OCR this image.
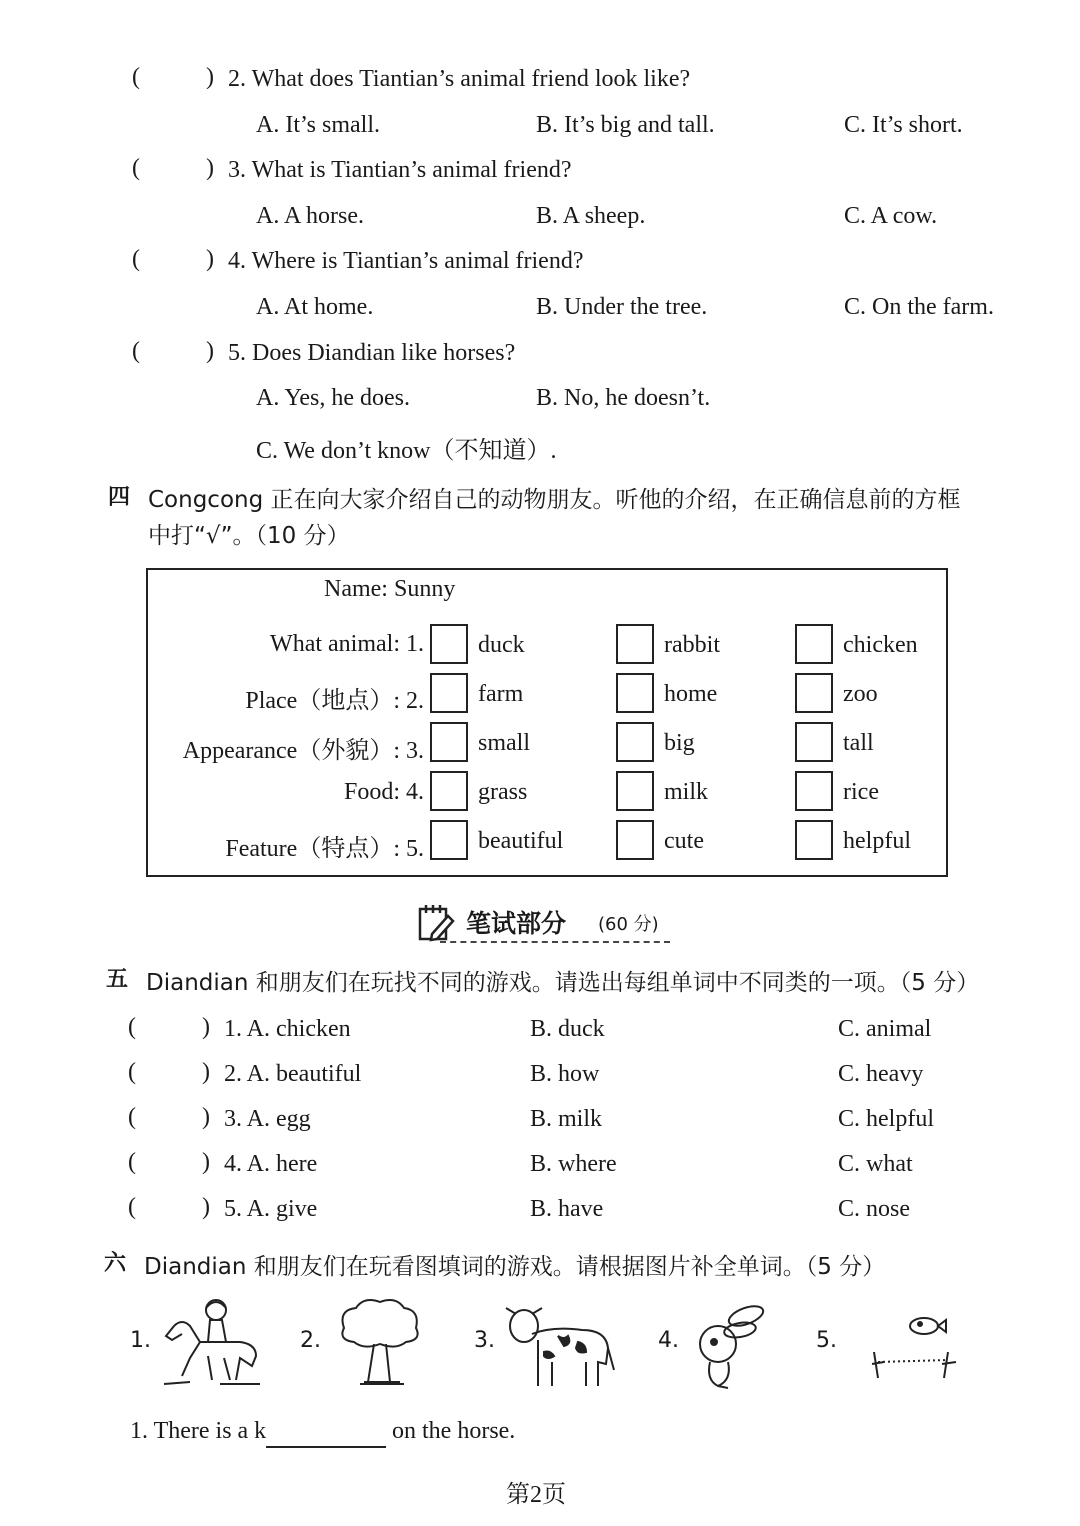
(	) 2. What does Tiantian’s animal friend look like?
A. It’s small.	B. It’s big and tall.	C. It’s short.
(	) 3. What is Tiantian’s animal friend?
A. A horse.	B. A sheep.	C. A cow.
(	) 4. Where is Tiantian’s animal friend?
A. At home.	B. Under the tree.	C. On the farm.
(	) 5. Does Diandian like horses?
A. Yes, he does.	B. No, he doesn’t.
C. We don’t know（不知道）.
四 Congcong 正在向大家介绍自己的动物朋友。听他的介绍，在正确信息前的方框
中打“√”。（10 分）
Name: Sunny
What animal: 1. duck	rabbit	chicken
Place（地点）: 2. farm	home	zoo
Appearance（外貌）: 3. small	big	tall
Food: 4. grass	milk	rice
Feature（特点）: 5. beautiful	cute	helpful
笔试部分 (60 分)
五 Diandian 和朋友们在玩找不同的游戏。请选出每组单词中不同类的一项。（5 分）
(	) 1. A. chicken	B. duck	C. animal
(	) 2. A. beautiful	B. how	C. heavy
(	) 3. A. egg	B. milk	C. helpful
(	) 4. A. here	B. where	C. what
(	) 5. A. give	B. have	C. nose
六 Diandian 和朋友们在玩看图填词的游戏。请根据图片补全单词。（5 分）
1.	2.	3.	4.	5.
1. There is a k	on the horse.
第2页
